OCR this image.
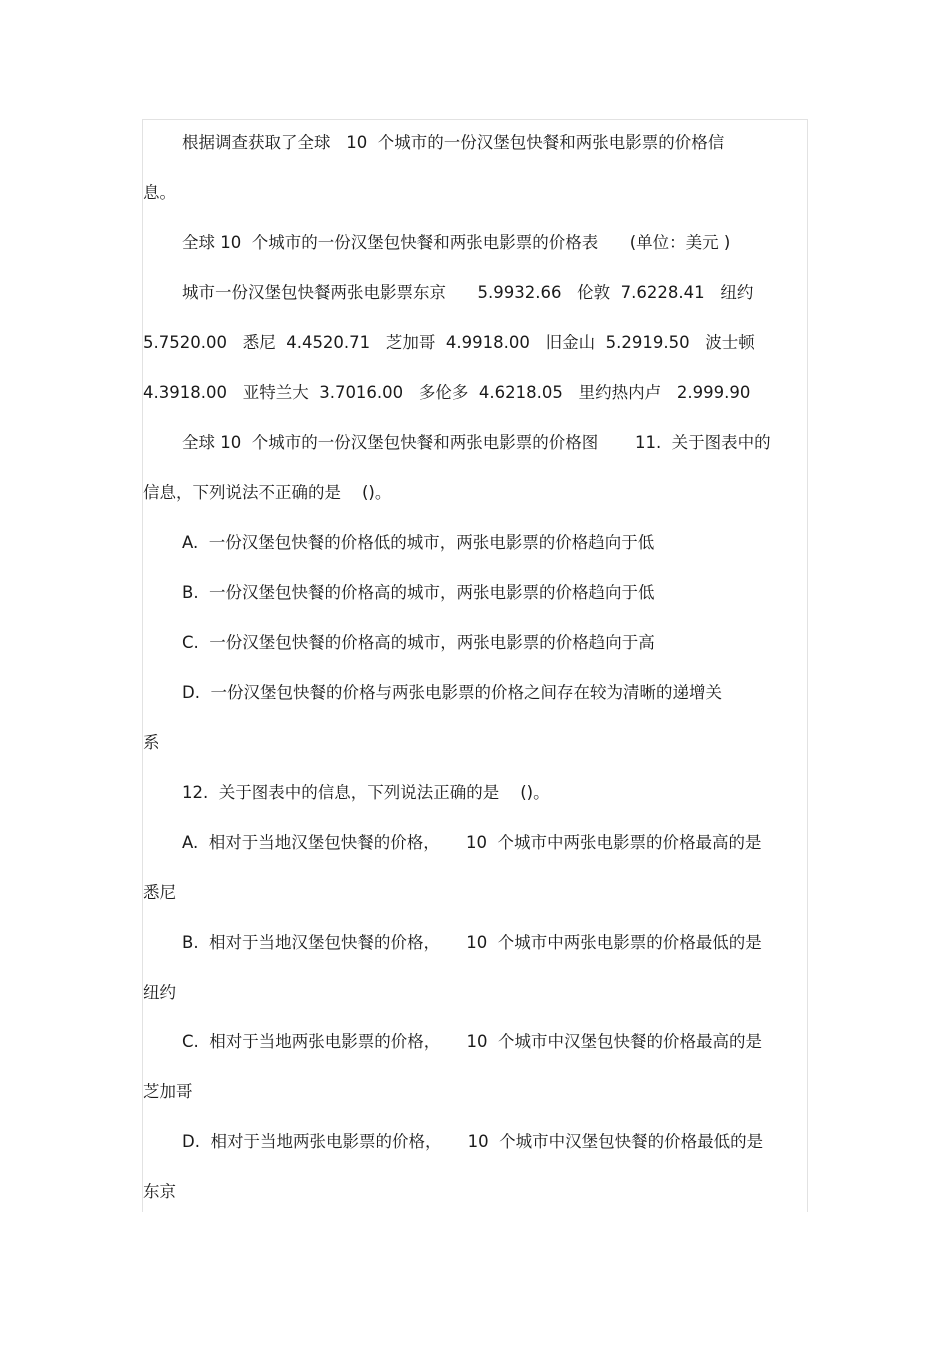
根据调查获取了全球   10  个城市的一份汉堡包快餐和两张电影票的价格信
息。
全球 10  个城市的一份汉堡包快餐和两张电影票的价格表      (单位：美元 )
城市一份汉堡包快餐两张电影票东京      5.9932.66   伦敦  7.6228.41   纽约
5.7520.00   悉尼  4.4520.71   芝加哥  4.9918.00   旧金山  5.2919.50   波士顿
4.3918.00   亚特兰大  3.7016.00   多伦多  4.6218.05   里约热内卢   2.999.90
全球 10  个城市的一份汉堡包快餐和两张电影票的价格图       11.  关于图表中的
信息，下列说法不正确的是    ()。
A.  一份汉堡包快餐的价格低的城市，两张电影票的价格趋向于低
B.  一份汉堡包快餐的价格高的城市，两张电影票的价格趋向于低
C.  一份汉堡包快餐的价格高的城市，两张电影票的价格趋向于高
D.  一份汉堡包快餐的价格与两张电影票的价格之间存在较为清晰的递增关
系
12.  关于图表中的信息，下列说法正确的是    ()。
A.  相对于当地汉堡包快餐的价格，     10  个城市中两张电影票的价格最高的是
悉尼
B.  相对于当地汉堡包快餐的价格，     10  个城市中两张电影票的价格最低的是
纽约
C.  相对于当地两张电影票的价格，     10  个城市中汉堡包快餐的价格最高的是
芝加哥
D.  相对于当地两张电影票的价格，     10  个城市中汉堡包快餐的价格最低的是
东京
